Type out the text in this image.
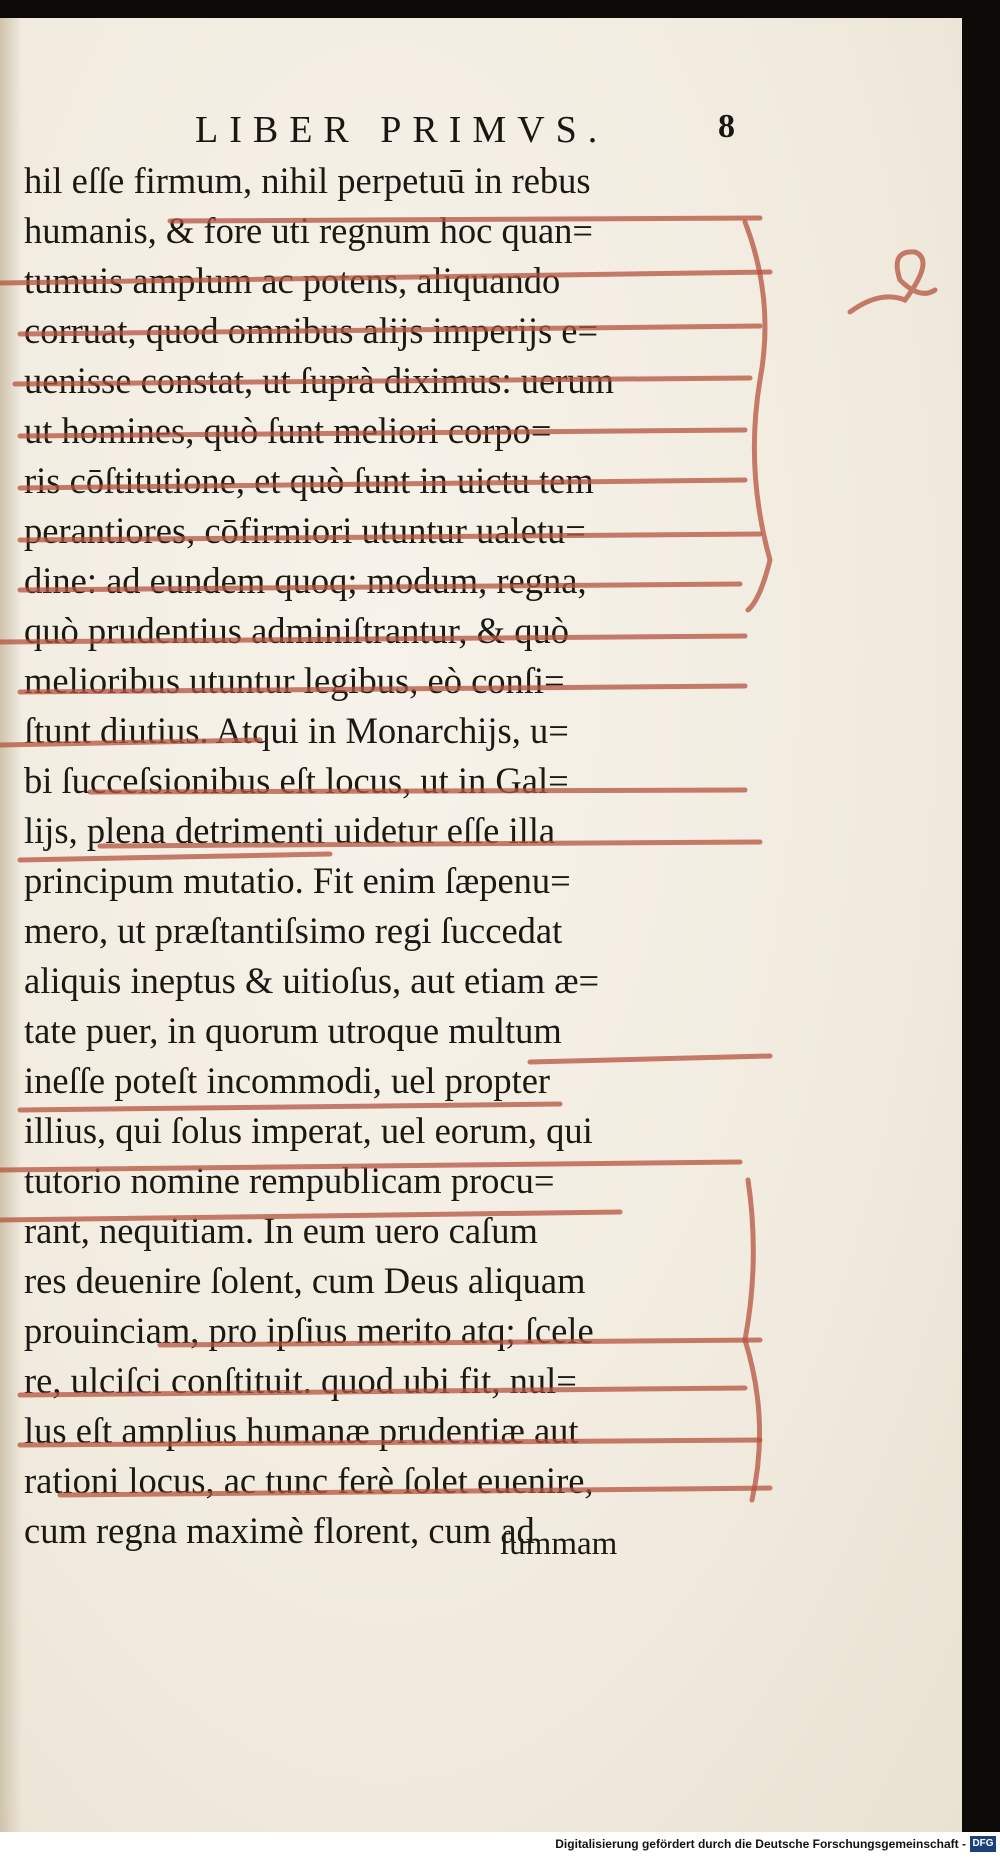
LIBER PRIMVS.	8
hil eſſe firmum, nihil perpetuū in rebus
humanis, & fore uti regnum hoc quan=
tumuis amplum ac potens, aliquando
corruat, quod omnibus alijs imperijs e=
uenisse constat, ut ſuprà diximus: uerum
ut homines, quò ſunt meliori corpo=
ris cōſtitutione, et quò ſunt in uictu tem
perantiores, cōfirmiori utuntur ualetu=
dine: ad eundem quoq; modum, regna,
quò prudentius adminiſtrantur, & quò
melioribus utuntur legibus, eò conſi=
ſtunt diutius. Atqui in Monarchijs, u=
bi ſucceſsionibus eſt locus, ut in Gal=
lijs, plena detrimenti uidetur eſſe illa
principum mutatio. Fit enim ſæpenu=
mero, ut præſtantiſsimo regi ſuccedat
aliquis ineptus & uitioſus, aut etiam æ=
tate puer, in quorum utroque multum
ineſſe poteſt incommodi, uel propter
illius, qui ſolus imperat, uel eorum, qui
tutorio nomine rempublicam procu=
rant, nequitiam. In eum uero caſum
res deuenire ſolent, cum Deus aliquam
prouinciam, pro ipſius merito atq; ſcele
re, ulciſci conſtituit. quod ubi fit, nul=
lus eſt amplius humanæ prudentiæ aut
rationi locus, ac tunc ferè ſolet euenire,
cum regna maximè florent, cum ad
ſummam
Digitalisierung gefördert durch die Deutsche Forschungsgemeinschaft - DFG
